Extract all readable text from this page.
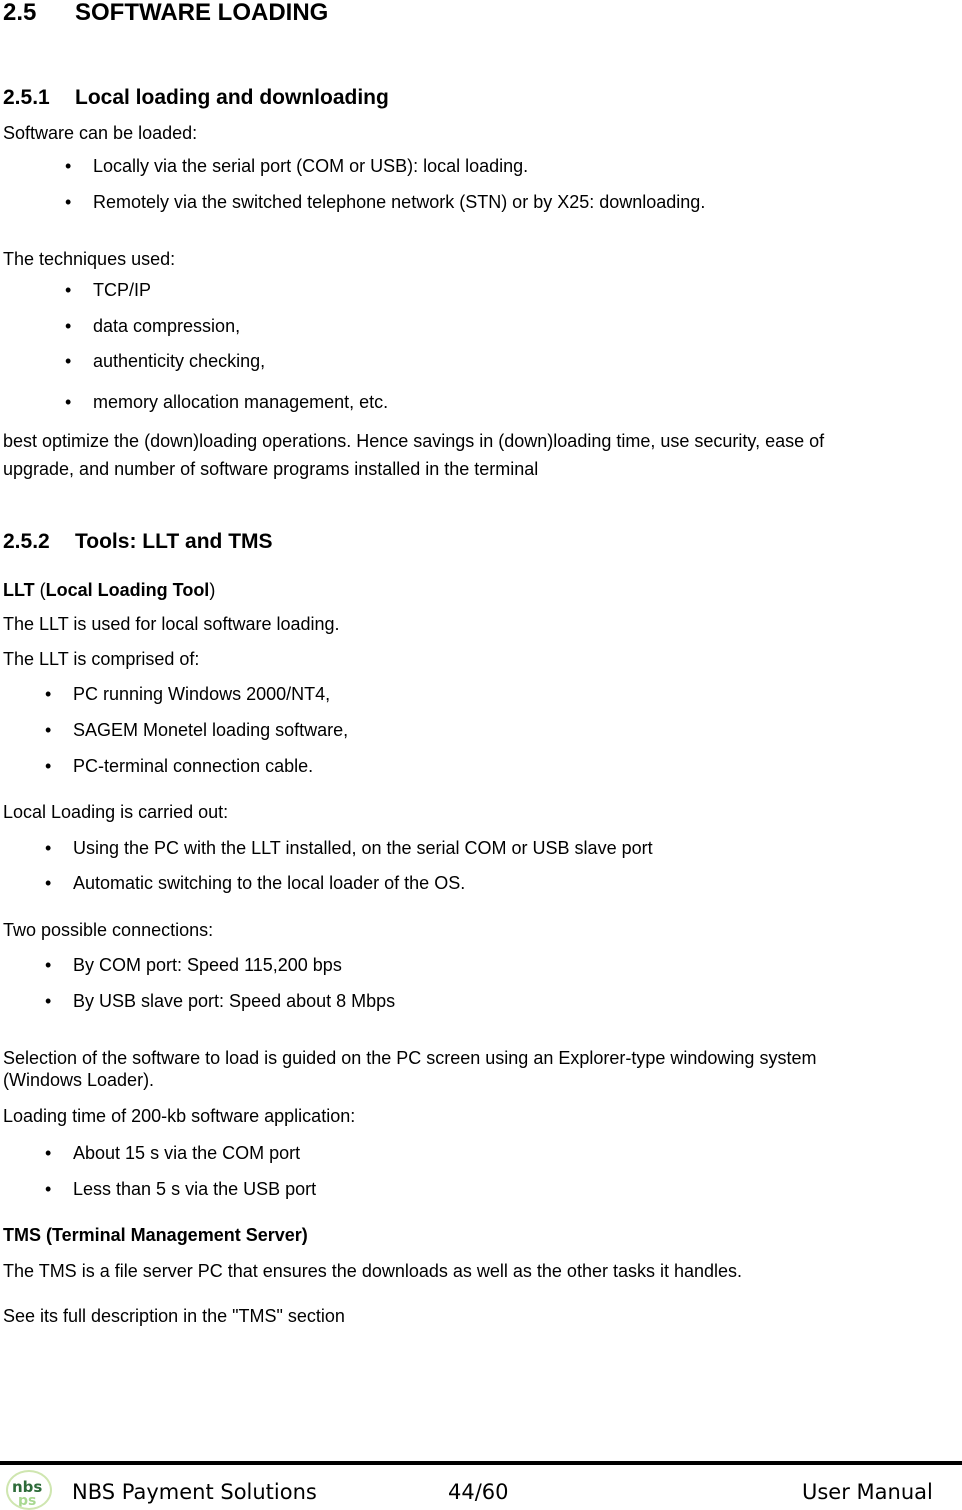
2.5 SOFTWARE LOADING
2.5.1 Local loading and downloading
Software can be loaded:
• Locally via the serial port (COM or USB): local loading.
• Remotely via the switched telephone network (STN) or by X25: downloading.
The techniques used:
• TCP/IP
• data compression,
• authenticity checking,
• memory allocation management, etc.
best optimize the (down)loading operations. Hence savings in (down)loading time, use security, ease of
upgrade, and number of software programs installed in the terminal
2.5.2 Tools: LLT and TMS
LLT (Local Loading Tool)
The LLT is used for local software loading.
The LLT is comprised of:
• PC running Windows 2000/NT4,
• SAGEM Monetel loading software,
• PC-terminal connection cable.
Local Loading is carried out:
• Using the PC with the LLT installed, on the serial COM or USB slave port
• Automatic switching to the local loader of the OS.
Two possible connections:
• By COM port: Speed 115,200 bps
• By USB slave port: Speed about 8 Mbps
Selection of the software to load is guided on the PC screen using an Explorer-type windowing system
(Windows Loader).
Loading time of 200-kb software application:
• About 15 s via the COM port
• Less than 5 s via the USB port
TMS (Terminal Management Server)
The TMS is a file server PC that ensures the downloads as well as the other tasks it handles.
See its full description in the "TMS" section
nbs
ps NBS Payment Solutions	44/60	User Manual
